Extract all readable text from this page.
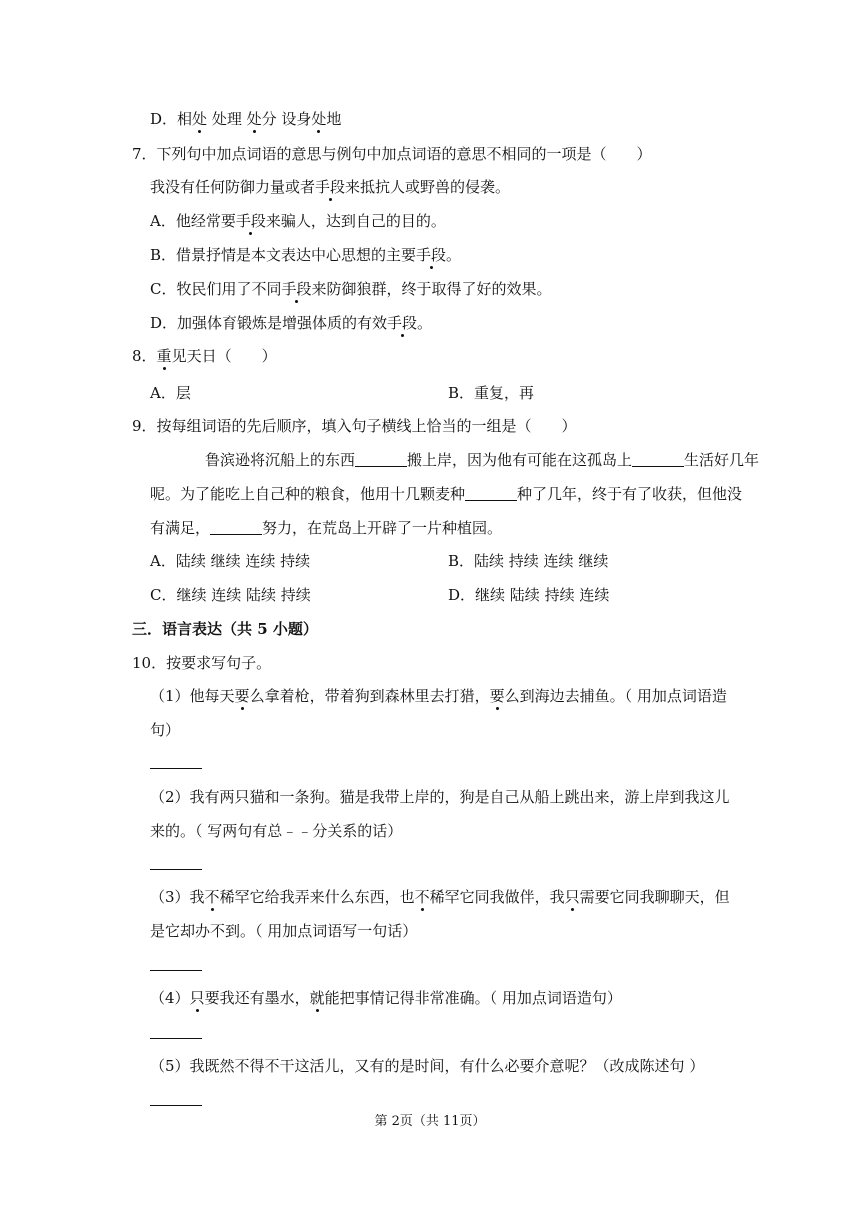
D．相处 处理 处分 设身处地
7．下列句中加点词语的意思与例句中加点词语的意思不相同的一项是（　　）
我没有任何防御力量或者手段来抵抗人或野兽的侵袭。
A．他经常要手段来骗人，达到自己的目的。
B．借景抒情是本文表达中心思想的主要手段。
C．牧民们用了不同手段来防御狼群，终于取得了好的效果。
D．加强体育锻炼是增强体质的有效手段。
8．重见天日（　　）
A．层	B．重复，再
9．按每组词语的先后顺序，填入句子横线上恰当的一组是（　　）
鲁滨逊将沉船上的东西	搬上岸，因为他有可能在这孤岛上	生活好几年
呢。为了能吃上自己种的粮食，他用十几颗麦种	种了几年，终于有了收获，但他没
有满足，	努力，在荒岛上开辟了一片种植园。
A．陆续 继续 连续 持续	B．陆续 持续 连续 继续
C．继续 连续 陆续 持续	D．继续 陆续 持续 连续
三．语言表达（共 5 小题）
10．按要求写句子。
（1）他每天要么拿着枪，带着狗到森林里去打猎，要么到海边去捕鱼。（ 用加点词语造
句）
（2）我有两只猫和一条狗。猫是我带上岸的，狗是自己从船上跳出来，游上岸到我这儿
来的。（ 写两句有总﹣﹣分关系的话）
（3）我不稀罕它给我弄来什么东西，也不稀罕它同我做伴，我只需要它同我聊聊天，但
是它却办不到。（ 用加点词语写一句话）
（4）只要我还有墨水，就能把事情记得非常准确。（ 用加点词语造句）
（5）我既然不得不干这活儿，又有的是时间，有什么必要介意呢？（改成陈述句 ）
第 2页（共 11页）
